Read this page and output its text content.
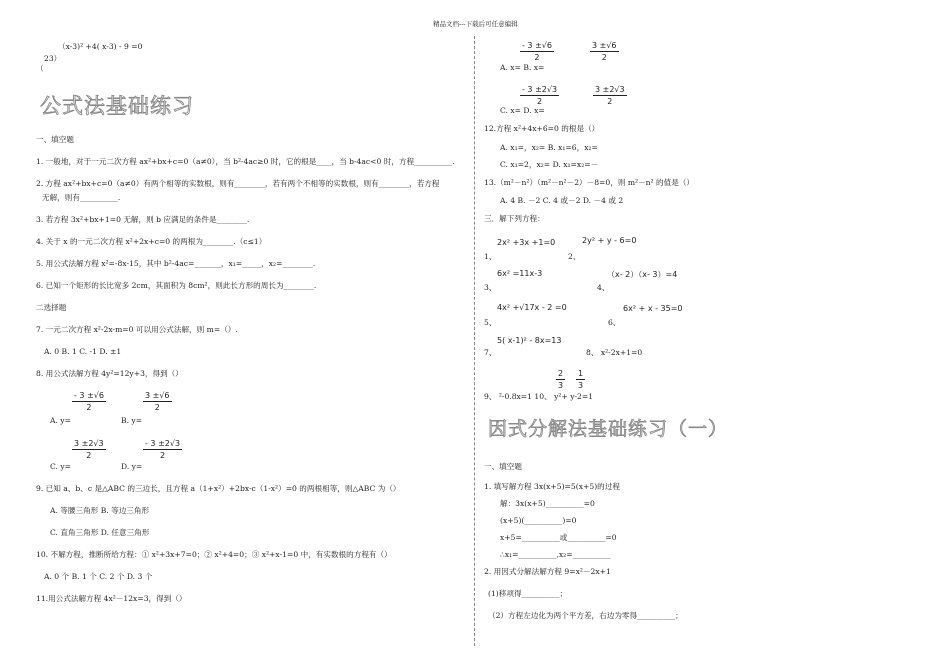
精品文档---下载后可任意编辑
（x-3)² +4( x-3) - 9 =0
23）
（
公式法基础练习
一、填空题
1. 一般地，对于一元二次方程 ax²+bx+c=0（a≠0），当 b²-4ac≥0 时，它的根是____，当 b-4ac<0 时，方程__________.
2. 方程 ax²+bx+c=0（a≠0）有两个相等的实数根，则有________，若有两个不相等的实数根，则有________，若方程
无解，则有__________.
3. 若方程 3x²+bx+1=0 无解，则 b 应满足的条件是________.
4. 关于 x 的一元二次方程 x²+2x+c=0 的两根为________.（c≤1）
5. 用公式法解方程 x²=-8x-15，其中 b²-4ac=_______，x₁=_____，x₂=________.
6. 已知一个矩形的长比宽多 2cm，其面积为 8cm²，则此长方形的周长为________.
二选择题
7. 一元二次方程 x²-2x-m=0 可以用公式法解，则 m=（）.
A. 0 B. 1 C. -1 D. ±1
8. 用公式法解方程 4y²=12y+3，得到（）
$\frac{- 3 \pm√6}{2}$	$\frac{3 \pm√6}{2}$
A. y=	B. y=
$\frac{3 \pm 2√3}{2}$	$\frac{- 3 \pm 2√3}{2}$
C. y=	D. y=
9. 已知 a、b、c 是△ABC 的三边长，且方程 a（1+x²）+2bx-c（1-x²）=0 的两根相等，则△ABC 为（）
A. 等腰三角形 B. 等边三角形
C. 直角三角形 D. 任意三角形
10. 不解方程，推断所给方程：① x²+3x+7=0；② x²+4=0；③ x²+x-1=0 中，有实数根的方程有（）
A. 0 个 B. 1 个 C. 2 个 D. 3 个
11.用公式法解方程 4x²－12x=3，得到（）
$\frac{- 3 \pm√6}{2}$	$\frac{3 \pm√6}{2}$
A. x= B. x=
$\frac{- 3 \pm 2√3}{2}$	$\frac{3 \pm 2√3}{2}$
C. x= D. x=
12.方程 x²+4x+6=0 的根是（）
A. x₁=，x₂= B. x₁=6，x₂=
C. x₁=2，x₂= D. x₁=x₂=－
13.（m²－n²）（m²－n²－2）－8=0，则 m²－n² 的值是（）
A. 4 B. －2 C. 4 或－2 D. －4 或 2
三．解下列方程：
2x² +3x +1=0	2y² + y - 6=0
1、	2、
6x² =11x-3	（x- 2）（x- 3）=4
3、	4、
4x² +√17x - 2 =0	6x² + x - 35=0
5、	6、
5( x-1)² - 8x=13
7、	8、 x²-2x+1=0
$\frac{2}{3} \frac{1}{3}$
9、 ²-0.8x=1 10、 y²+ y-2=1
因式分解法基础练习（一）
一、填空题
1. 填写解方程 3x(x+5)=5(x+5)的过程
解：3x(x+5)__________=0
(x+5)(__________)=0
x+5=__________或__________=0
∴x₁=__________,x₂=__________
2. 用因式分解法解方程 9=x²－2x+1
(1)移项得__________；
（2）方程左边化为两个平方差，右边为零得__________；
